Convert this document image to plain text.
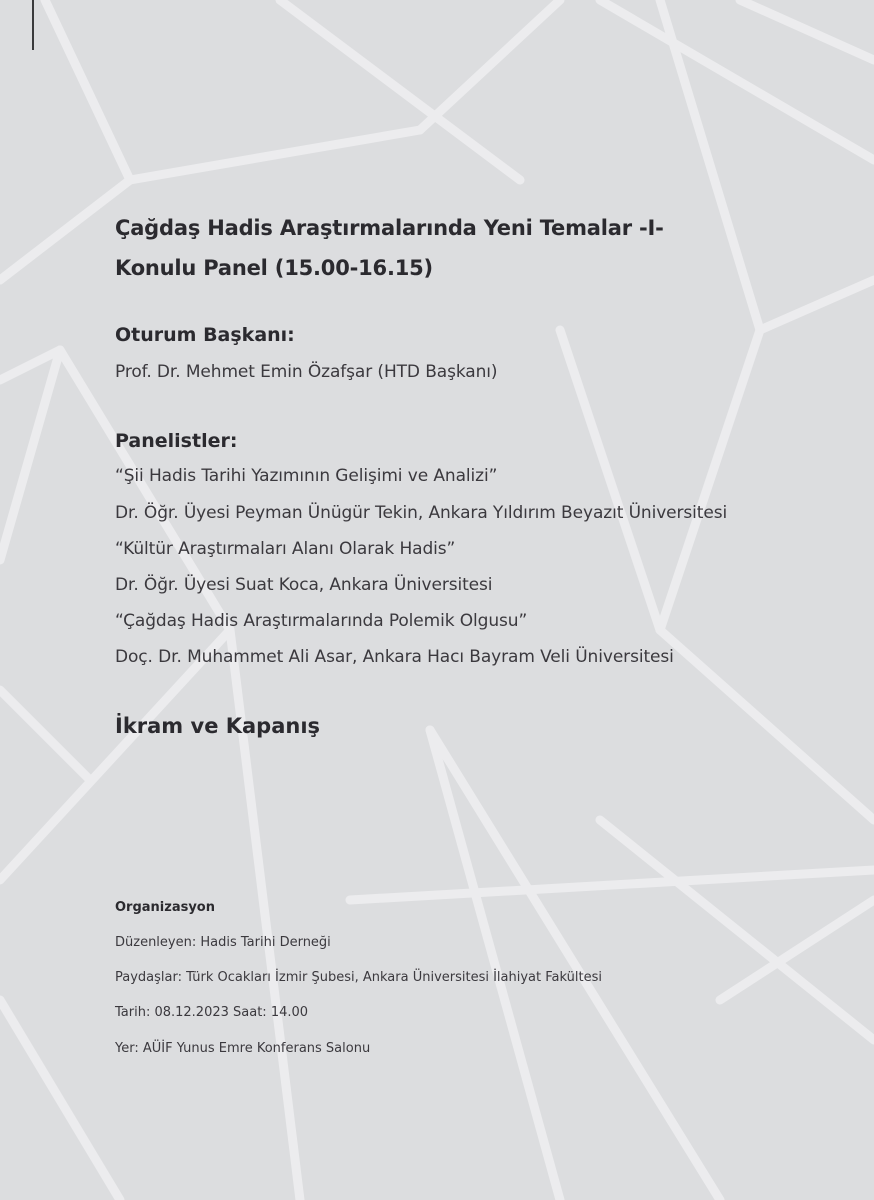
Çağdaş Hadis Araştırmalarında Yeni Temalar -I-
Konulu Panel (15.00-16.15)
Oturum Başkanı:
Prof. Dr. Mehmet Emin Özafşar (HTD Başkanı)
Panelistler:
“Şii Hadis Tarihi Yazımının Gelişimi ve Analizi”
Dr. Öğr. Üyesi Peyman Ünügür Tekin, Ankara Yıldırım Beyazıt Üniversitesi
“Kültür Araştırmaları Alanı Olarak Hadis”
Dr. Öğr. Üyesi Suat Koca, Ankara Üniversitesi
“Çağdaş Hadis Araştırmalarında Polemik Olgusu”
Doç. Dr. Muhammet Ali Asar, Ankara Hacı Bayram Veli Üniversitesi
İkram ve Kapanış
Organizasyon
Düzenleyen: Hadis Tarihi Derneği
Paydaşlar: Türk Ocakları İzmir Şubesi, Ankara Üniversitesi İlahiyat Fakültesi
Tarih: 08.12.2023 Saat: 14.00
Yer: AÜİF Yunus Emre Konferans Salonu
